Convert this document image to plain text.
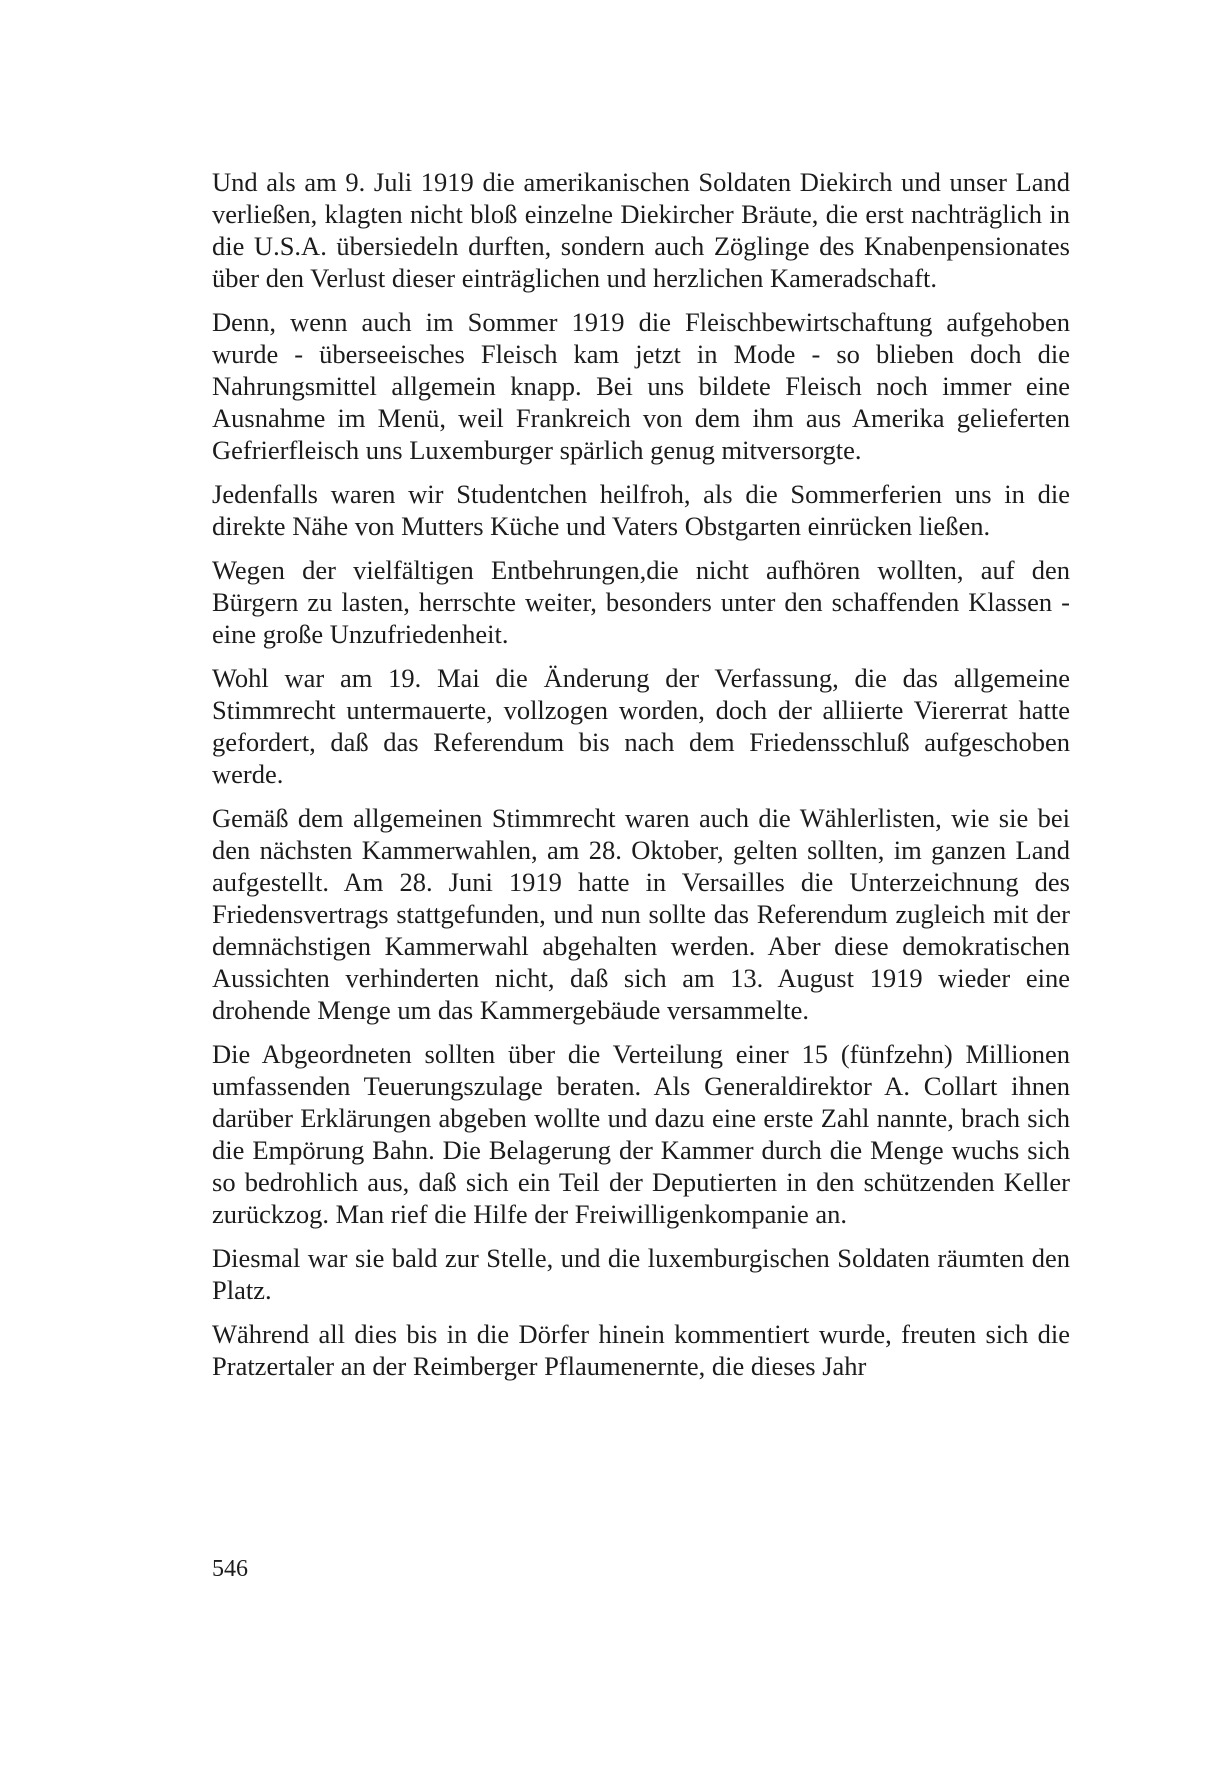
Und als am 9. Juli 1919 die amerikanischen Soldaten Diekirch und unser Land verließen, klagten nicht bloß einzelne Diekircher Bräute, die erst nachträglich in die U.S.A. übersiedeln durften, sondern auch Zöglinge des Knabenpensionates über den Verlust dieser einträglichen und herzlichen Kameradschaft.

Denn, wenn auch im Sommer 1919 die Fleischbewirtschaftung aufgehoben wurde - überseeisches Fleisch kam jetzt in Mode - so blieben doch die Nahrungsmittel allgemein knapp. Bei uns bildete Fleisch noch immer eine Ausnahme im Menü, weil Frankreich von dem ihm aus Amerika gelieferten Gefrierfleisch uns Luxemburger spärlich genug mitversorgte.

Jedenfalls waren wir Studentchen heilfroh, als die Sommerferien uns in die direkte Nähe von Mutters Küche und Vaters Obstgarten einrücken ließen.

Wegen der vielfältigen Entbehrungen,die nicht aufhören wollten, auf den Bürgern zu lasten, herrschte weiter, besonders unter den schaffenden Klassen - eine große Unzufriedenheit.

Wohl war am 19. Mai die Änderung der Verfassung, die das allgemeine Stimmrecht untermauerte, vollzogen worden, doch der alliierte Viererrat hatte gefordert, daß das Referendum bis nach dem Friedensschluß aufgeschoben werde.

Gemäß dem allgemeinen Stimmrecht waren auch die Wählerlisten, wie sie bei den nächsten Kammerwahlen, am 28. Oktober, gelten sollten, im ganzen Land aufgestellt. Am 28. Juni 1919 hatte in Versailles die Unterzeichnung des Friedensvertrags stattgefunden, und nun sollte das Referendum zugleich mit der demnächstigen Kammerwahl abgehalten werden. Aber diese demokratischen Aussichten verhinderten nicht, daß sich am 13. August 1919 wieder eine drohende Menge um das Kammergebäude versammelte.

Die Abgeordneten sollten über die Verteilung einer 15 (fünfzehn) Millionen umfassenden Teuerungszulage beraten. Als Generaldirektor A. Collart ihnen darüber Erklärungen abgeben wollte und dazu eine erste Zahl nannte, brach sich die Empörung Bahn. Die Belagerung der Kammer durch die Menge wuchs sich so bedrohlich aus, daß sich ein Teil der Deputierten in den schützenden Keller zurückzog. Man rief die Hilfe der Freiwilligenkompanie an.

Diesmal war sie bald zur Stelle, und die luxemburgischen Soldaten räumten den Platz.

Während all dies bis in die Dörfer hinein kommentiert wurde, freuten sich die Pratzertaler an der Reimberger Pflaumenernte, die dieses Jahr

546
